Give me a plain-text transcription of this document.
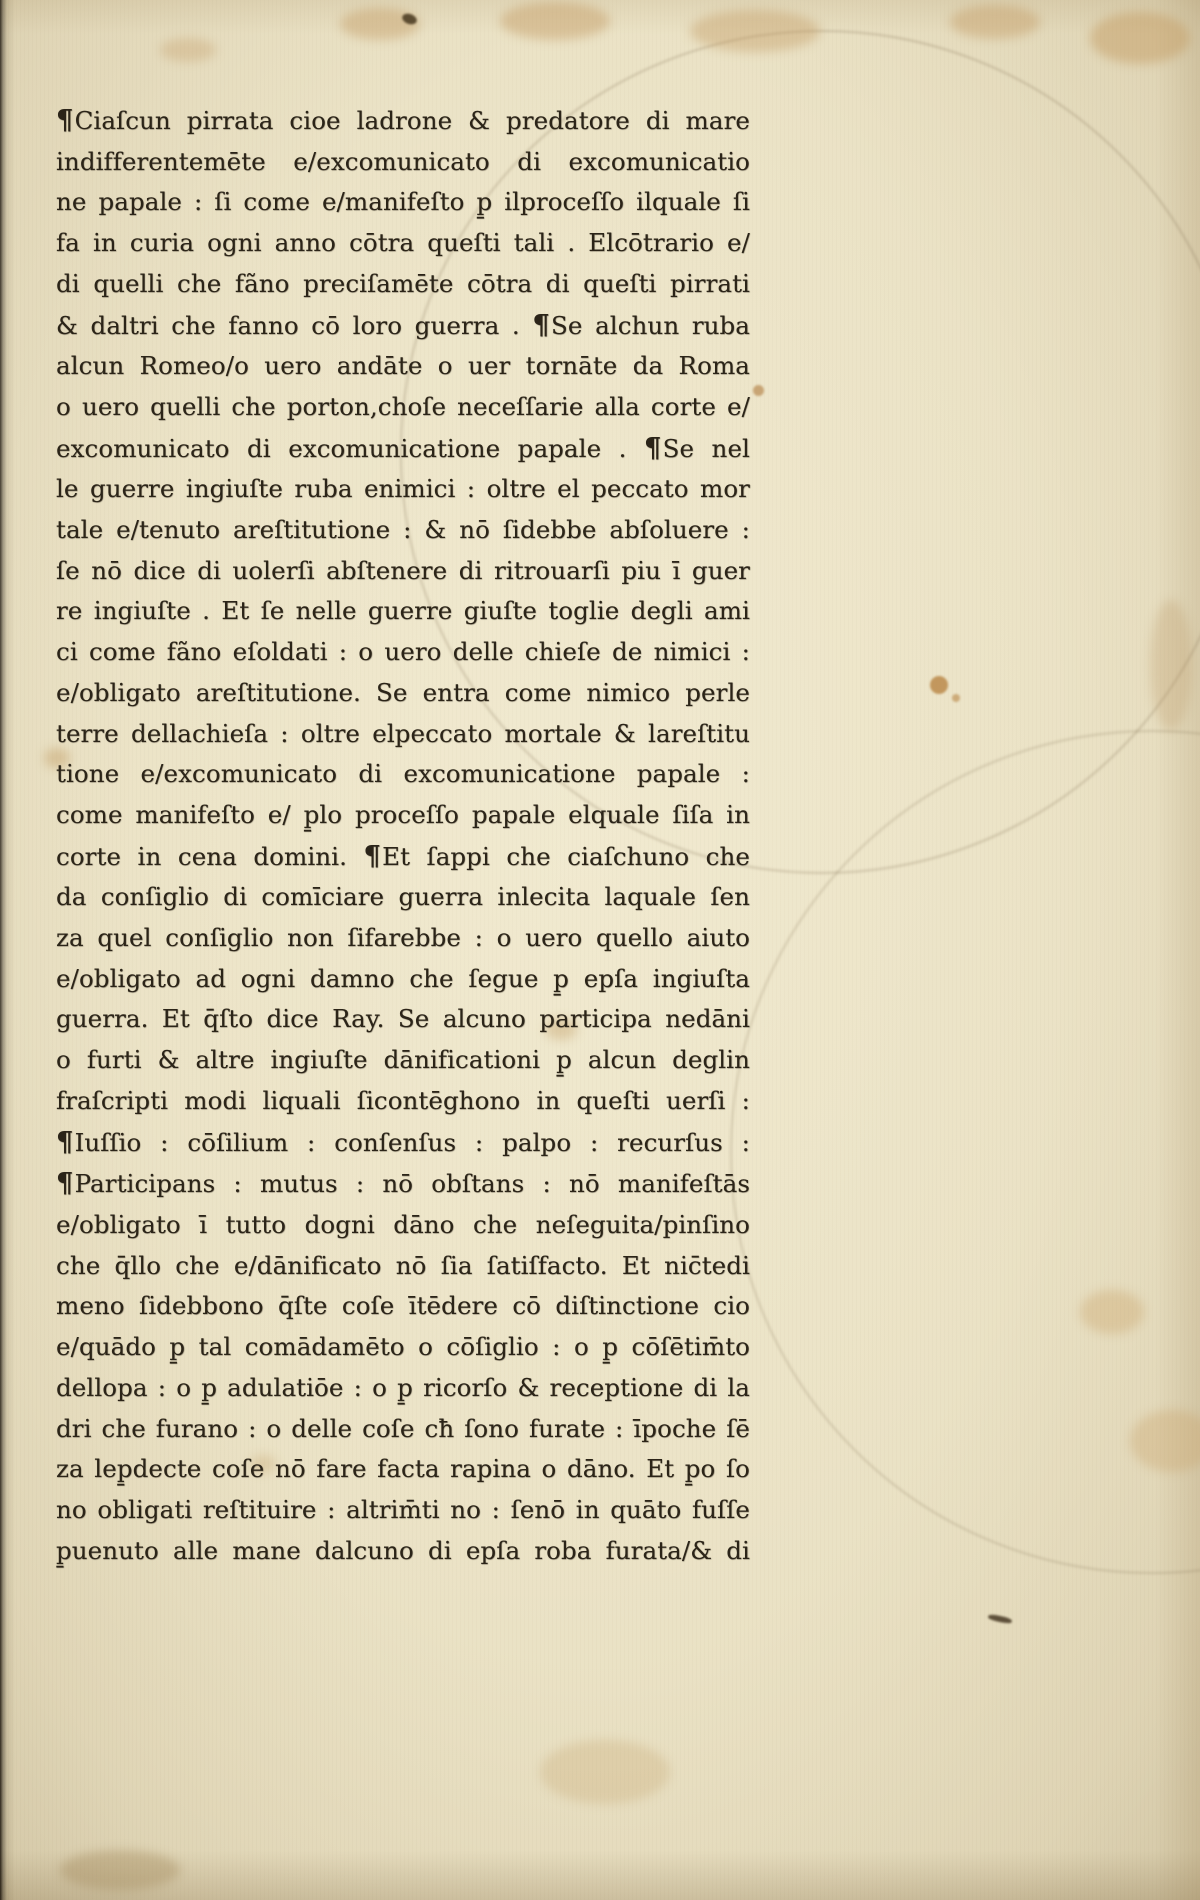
¶Ciaſcun pirrata cioe ladrone & predatore di mare
indifferentemēte e/excomunicato di excomunicatio
ne papale : ſi come e/manifeſto p̱ ilproceſſo ilquale ſi
fa in curia ogni anno cōtra queſti tali . Elcōtrario e/
di quelli che fãno preciſamēte cōtra di queſti pirrati
& daltri che fanno cō loro guerra . ¶Se alchun ruba
alcun Romeo/o uero andāte o uer tornāte da Roma
o uero quelli che porton,choſe neceſſarie alla corte e/
excomunicato di excomunicatione papale . ¶Se nel
le guerre ingiuſte ruba enimici : oltre el peccato mor
tale e/tenuto areſtitutione : & nō ſidebbe abſoluere :
ſe nō dice di uolerſi abſtenere di ritrouarſi piu ī guer
re ingiuſte . Et ſe nelle guerre giuſte toglie degli ami
ci come fãno eſoldati : o uero delle chieſe de nimici :
e/obligato areſtitutione. Se entra come nimico perle
terre dellachieſa : oltre elpeccato mortale & lareſtitu
tione e/excomunicato di excomunicatione papale :
come manifeſto e/ p̱lo proceſſo papale elquale ſiſa in
corte in cena domini. ¶Et ſappi che ciaſchuno che
da conſiglio di comīciare guerra inlecita laquale ſen
za quel conſiglio non ſifarebbe : o uero quello aiuto
e/obligato ad ogni damno che ſegue p̱ epſa ingiuſta
guerra. Et q̄ſto dice Ray. Se alcuno participa nedāni
o furti & altre ingiuſte dānificationi p̱ alcun deglin
fraſcripti modi liquali ſicontēghono in queſti uerſi :
¶Iuſſio : cōſilium : conſenſus : palpo : recurſus :
¶Participans : mutus : nō obſtans : nō manifeſtās
e/obligato ī tutto dogni dāno che neſeguita/pinſino
che q̄llo che e/dānificato nō ſia ſatiſfacto. Et nic̄tedi
meno ſidebbono q̄ſte coſe ītēdere cō diſtinctione cio
e/quādo p̱ tal comādamēto o cōſiglio : o p̱ cōſētim̄to
dellopa : o p̱ adulatiōe : o p̱ ricorſo & receptione di la
dri che furano : o delle coſe cħ ſono furate : īpoche ſē
za lep̱decte coſe nō fare facta rapina o dāno. Et p̱o ſo
no obligati reſtituire : altrim̄ti no : ſenō in quāto fuſſe
p̱uenuto alle mane dalcuno di epſa roba furata/& di
